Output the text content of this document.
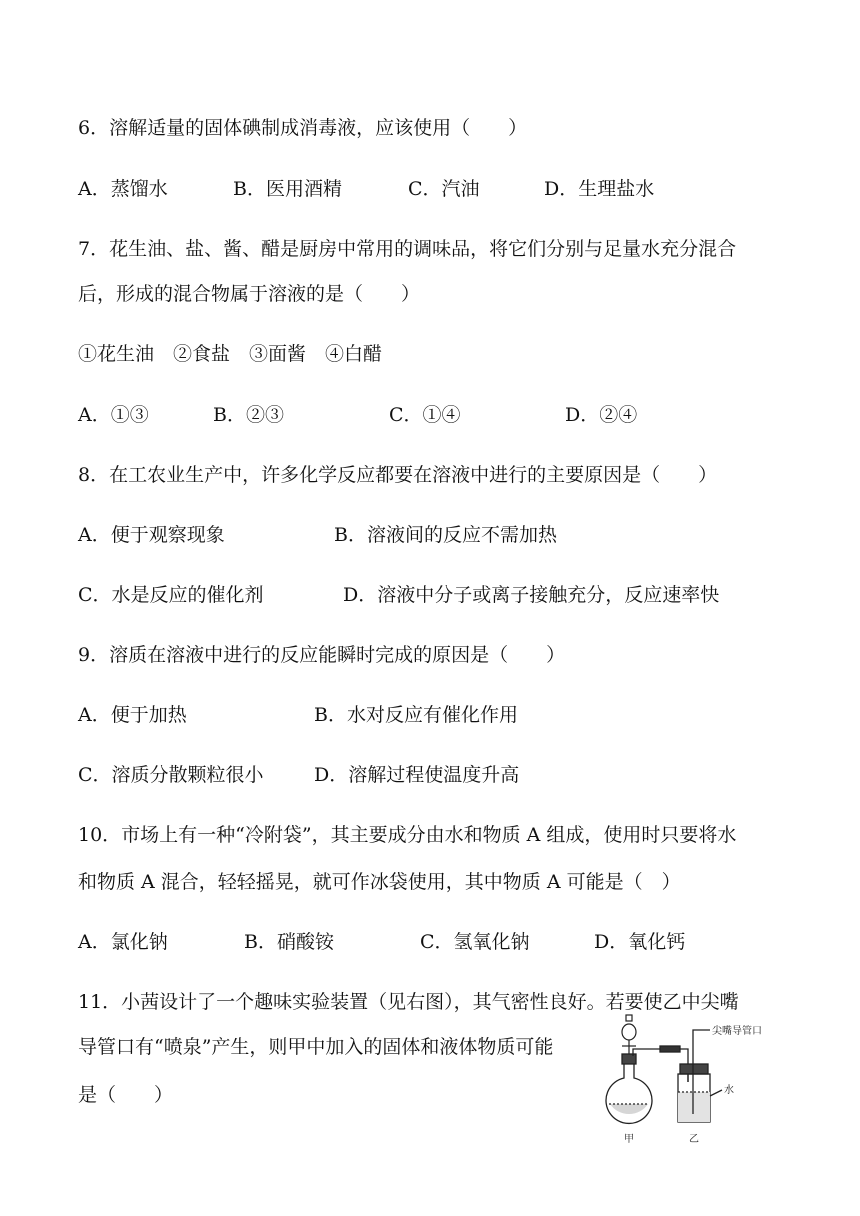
6．溶解适量的固体碘制成消毒液，应该使用（　　）
A．蒸馏水	B．医用酒精	C．汽油	D．生理盐水
7．花生油、盐、酱、醋是厨房中常用的调味品，将它们分别与足量水充分混合
后，形成的混合物属于溶液的是（　　）
①花生油　②食盐　③面酱　④白醋
A．①③	B．②③	C．①④	D．②④
8．在工农业生产中，许多化学反应都要在溶液中进行的主要原因是（　　）
A．便于观察现象	B．溶液间的反应不需加热
C．水是反应的催化剂	D．溶液中分子或离子接触充分，反应速率快
9．溶质在溶液中进行的反应能瞬时完成的原因是（　　）
A．便于加热	B．水对反应有催化作用
C．溶质分散颗粒很小	D．溶解过程使温度升高
10．市场上有一种“冷附袋”，其主要成分由水和物质 A 组成，使用时只要将水
和物质 A 混合，轻轻摇晃，就可作冰袋使用，其中物质 A 可能是（　）
A．氯化钠	B．硝酸铵	C．氢氧化钠	D．氧化钙
11．小茜设计了一个趣味实验装置（见右图），其气密性良好。若要使乙中尖嘴
导管口有“喷泉”产生，则甲中加入的固体和液体物质可能
是（　　）
尖嘴导管口
水
甲	乙
